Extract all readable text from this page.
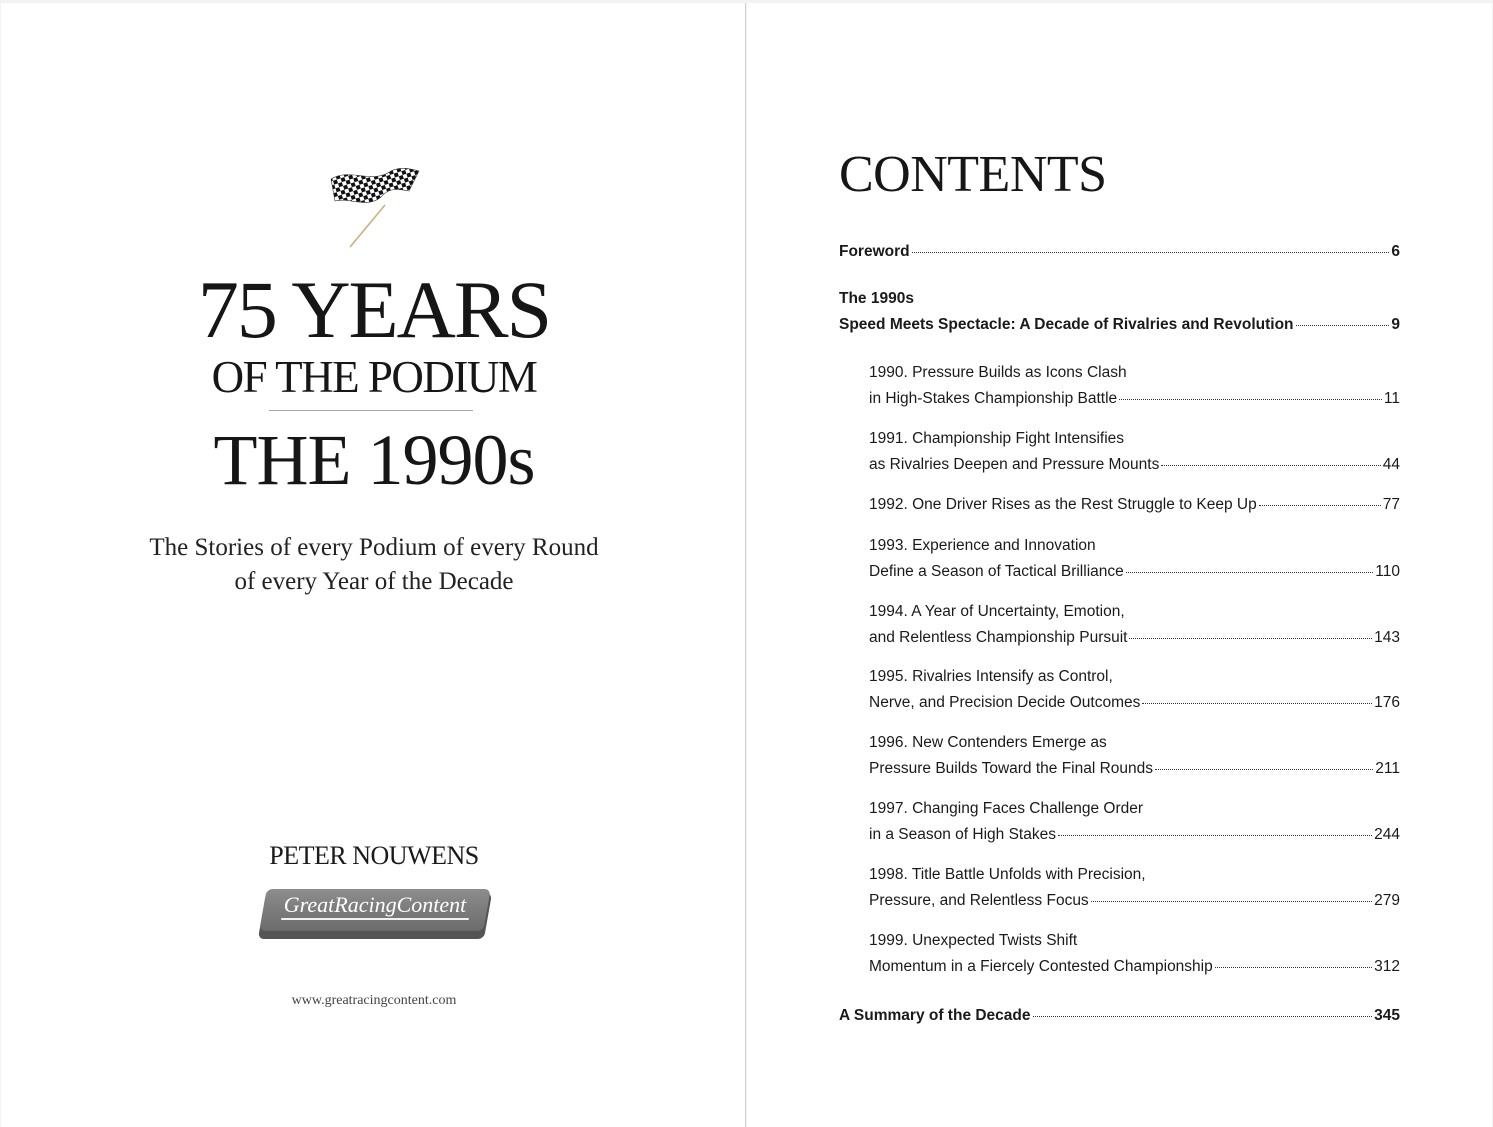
75 YEARS
OF THE PODIUM
THE 1990s
The Stories of every Podium of every Round
of every Year of the Decade
PETER NOUWENS
GreatRacingContent
www.greatracingcontent.com
CONTENTS
Foreword	6
The 1990s
Speed Meets Spectacle: A Decade of Rivalries and Revolution	9
1990. Pressure Builds as Icons Clash
in High-Stakes Championship Battle	11
1991. Championship Fight Intensifies
as Rivalries Deepen and Pressure Mounts	44
1992. One Driver Rises as the Rest Struggle to Keep Up	77
1993. Experience and Innovation
Define a Season of Tactical Brilliance	110
1994. A Year of Uncertainty, Emotion,
and Relentless Championship Pursuit	143
1995. Rivalries Intensify as Control,
Nerve, and Precision Decide Outcomes	176
1996. New Contenders Emerge as
Pressure Builds Toward the Final Rounds	211
1997. Changing Faces Challenge Order
in a Season of High Stakes	244
1998. Title Battle Unfolds with Precision,
Pressure, and Relentless Focus	279
1999. Unexpected Twists Shift
Momentum in a Fiercely Contested Championship	312
A Summary of the Decade	345
